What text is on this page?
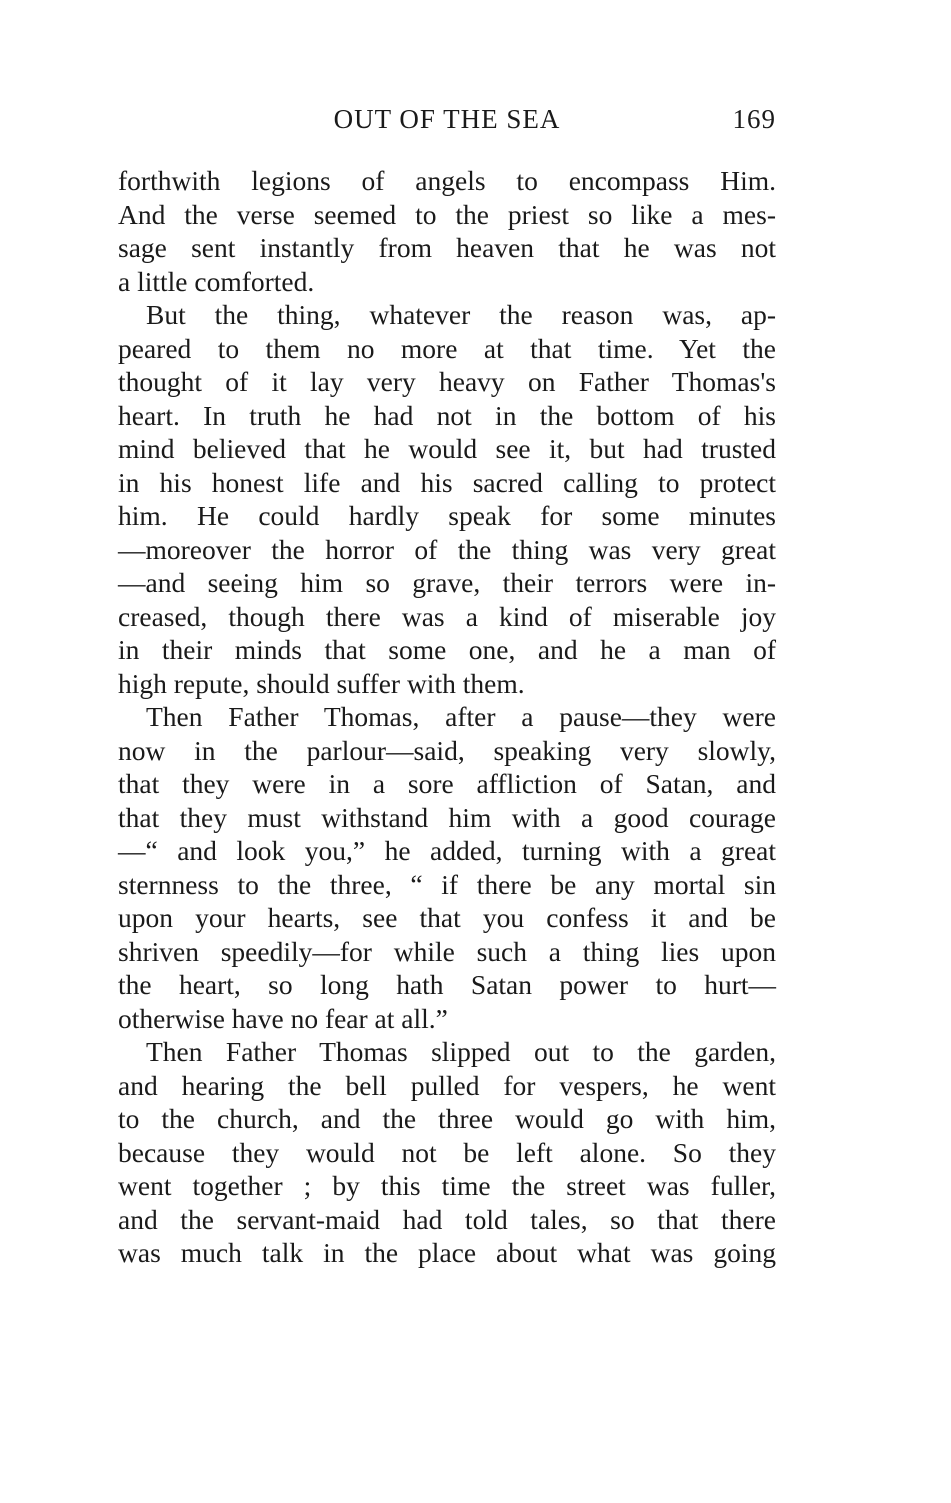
OUT OF THE SEA	169
forthwith legions of angels to encompass Him.
And the verse seemed to the priest so like a mes-
sage sent instantly from heaven that he was not
a little comforted.
But the thing, whatever the reason was, ap-
peared to them no more at that time. Yet the
thought of it lay very heavy on Father Thomas's
heart. In truth he had not in the bottom of his
mind believed that he would see it, but had trusted
in his honest life and his sacred calling to protect
him. He could hardly speak for some minutes
—moreover the horror of the thing was very great
—and seeing him so grave, their terrors were in-
creased, though there was a kind of miserable joy
in their minds that some one, and he a man of
high repute, should suffer with them.
Then Father Thomas, after a pause—they were
now in the parlour—said, speaking very slowly,
that they were in a sore affliction of Satan, and
that they must withstand him with a good courage
—“ and look you,” he added, turning with a great
sternness to the three, “ if there be any mortal sin
upon your hearts, see that you confess it and be
shriven speedily—for while such a thing lies upon
the heart, so long hath Satan power to hurt—
otherwise have no fear at all.”
Then Father Thomas slipped out to the garden,
and hearing the bell pulled for vespers, he went
to the church, and the three would go with him,
because they would not be left alone. So they
went together ; by this time the street was fuller,
and the servant-maid had told tales, so that there
was much talk in the place about what was going
